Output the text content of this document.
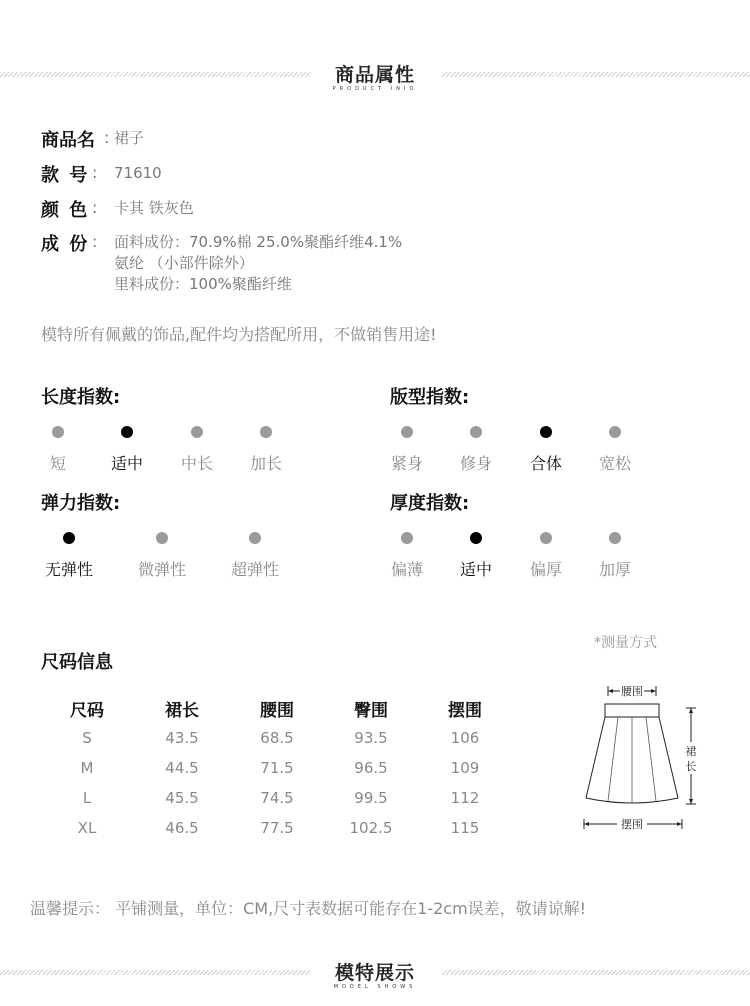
商品属性
PRODUCT INIO
商品名 : 裙子
款 号 : 71610
颜 色 : 卡其 铁灰色
成 份 : 面料成份：70.9%棉 25.0%聚酯纤维4.1%
氨纶 （小部件除外）
里料成份：100%聚酯纤维
模特所有佩戴的饰品,配件均为搭配所用，不做销售用途!
长度指数:
短	适中	中长	加长
版型指数:
紧身	修身	合体	宽松
弹力指数:
无弹性	微弹性	超弹性
厚度指数:
偏薄	适中	偏厚	加厚
尺码信息
*测量方式
尺码	裙长	腰围	臀围	摆围
S	43.5	68.5	93.5	106
M	44.5	71.5	96.5	109
L	45.5	74.5	99.5	112
XL	46.5	77.5	102.5	115
腰围
裙
长
摆围
温馨提示： 平铺测量，单位：CM,尺寸表数据可能存在1-2cm误差，敬请谅解!
模特展示
MODEL SHOWS
